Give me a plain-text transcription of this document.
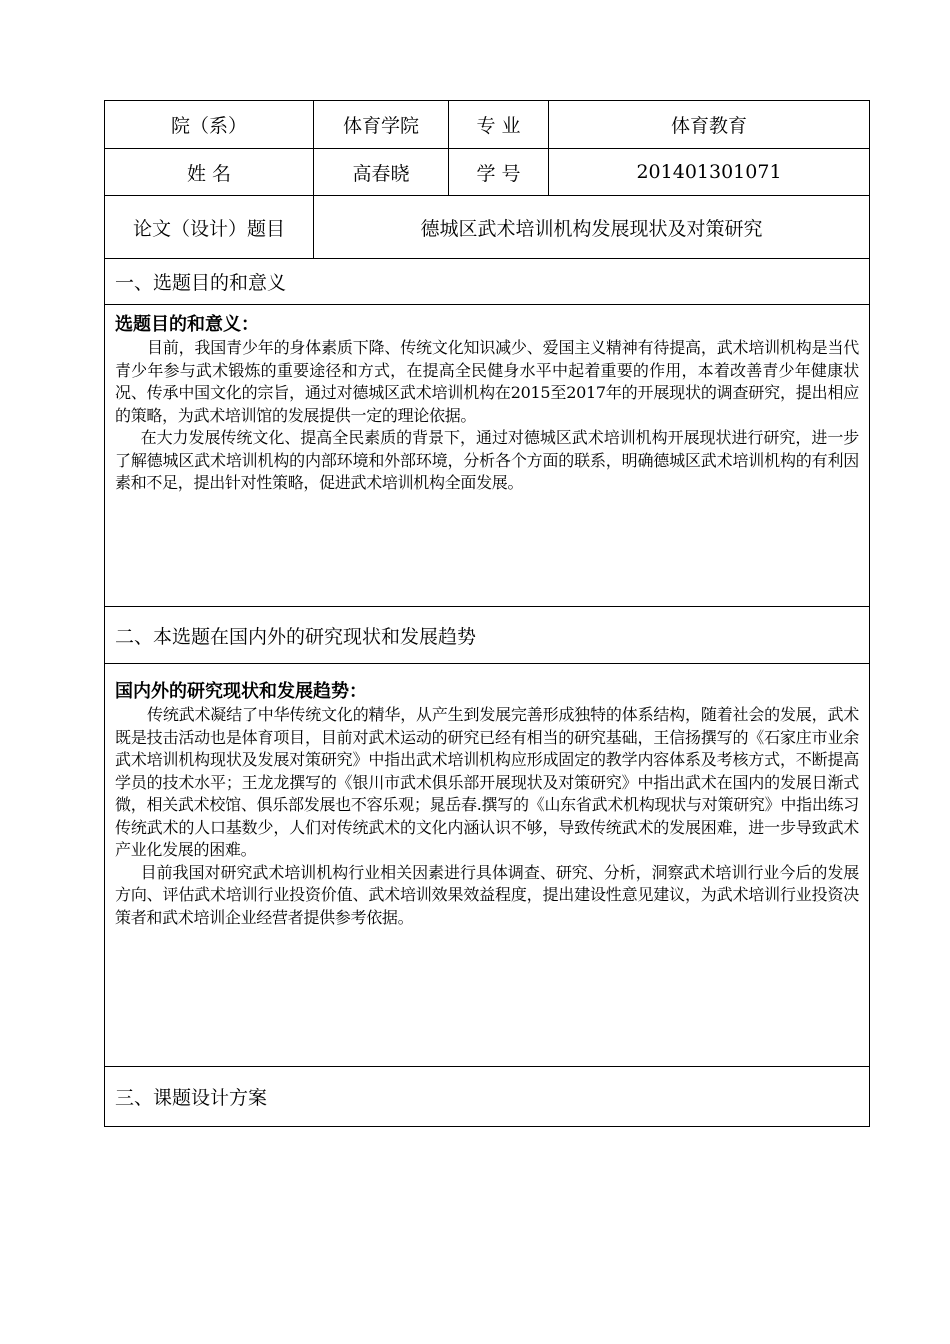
院（系）	体育学院	专 业	体育教育
姓 名	高春晓	学 号	201401301071
论文（设计）题目	德城区武术培训机构发展现状及对策研究		
一、选题目的和意义			

选题目的和意义：

目前，我国青少年的身体素质下降、传统文化知识减少、爱国主义精神有待提高，武术培训机构是当代青少年参与武术锻炼的重要途径和方式，在提高全民健身水平中起着重要的作用，本着改善青少年健康状况、传承中国文化的宗旨，通过对德城区武术培训机构在2015至2017年的开展现状的调查研究，提出相应的策略，为武术培训馆的发展提供一定的理论依据。

在大力发展传统文化、提高全民素质的背景下，通过对德城区武术培训机构开展现状进行研究，进一步了解德城区武术培训机构的内部环境和外部环境，分析各个方面的联系，明确德城区武术培训机构的有利因素和不足，提出针对性策略，促进武术培训机构全面发展。			

二、本选题在国内外的研究现状和发展趋势			

国内外的研究现状和发展趋势：

传统武术凝结了中华传统文化的精华，从产生到发展完善形成独特的体系结构，随着社会的发展，武术既是技击活动也是体育项目，目前对武术运动的研究已经有相当的研究基础，王信扬撰写的《石家庄市业余武术培训机构现状及发展对策研究》中指出武术培训机构应形成固定的教学内容体系及考核方式，不断提高学员的技术水平；王龙龙撰写的《银川市武术俱乐部开展现状及对策研究》中指出武术在国内的发展日渐式微，相关武术校馆、俱乐部发展也不容乐观；晁岳春.撰写的《山东省武术机构现状与对策研究》中指出练习传统武术的人口基数少，人们对传统武术的文化内涵认识不够，导致传统武术的发展困难，进一步导致武术产业化发展的困难。

目前我国对研究武术培训机构行业相关因素进行具体调查、研究、分析，洞察武术培训行业今后的发展方向、评估武术培训行业投资价值、武术培训效果效益程度，提出建设性意见建议，为武术培训行业投资决策者和武术培训企业经营者提供参考依据。			

三、课题设计方案			
